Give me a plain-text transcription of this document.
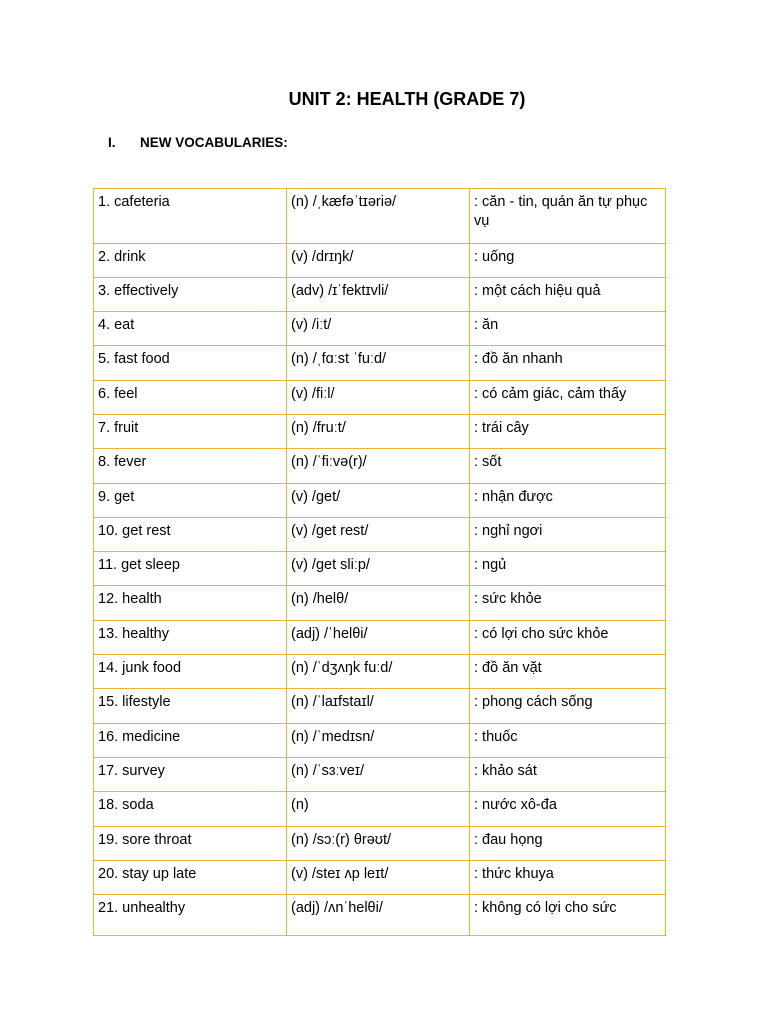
UNIT 2: HEALTH (GRADE 7)
I. NEW VOCABULARIES:
1. cafeteria	(n) /ˌkæfəˈtɪəriə/	: căn - tin, quán ăn tự phục vụ
2. drink	(v) /drɪŋk/	: uống
3. effectively	(adv) /ɪˈfektɪvli/	: một cách hiệu quả
4. eat	(v) /iːt/	: ăn
5. fast food	(n) /ˌfɑːst ˈfuːd/	: đồ ăn nhanh
6. feel	(v) /fiːl/	: có cảm giác, cảm thấy
7. fruit	(n) /fruːt/	: trái cây
8. fever	(n) /ˈfiːvə(r)/	: sốt
9. get	(v) /get/	: nhận được
10. get rest	(v) /get rest/	: nghỉ ngơi
11. get sleep	(v) /get sliːp/	: ngủ
12. health	(n) /helθ/	: sức khỏe
13. healthy	(adj) /ˈhelθi/	: có lợi cho sức khỏe
14. junk food	(n) /ˈdʒʌŋk fuːd/	: đồ ăn vặt
15. lifestyle	(n) /ˈlaɪfstaɪl/	: phong cách sống
16. medicine	(n) /ˈmedɪsn/	: thuốc
17. survey	(n) /ˈsɜːveɪ/	: khảo sát
18. soda	(n)	: nước xô-đa
19. sore throat	(n) /sɔː(r) θrəʊt/	: đau họng
20. stay up late	(v) /steɪ ʌp leɪt/	: thức khuya
21. unhealthy	(adj) /ʌnˈhelθi/	: không có lợi cho sức
